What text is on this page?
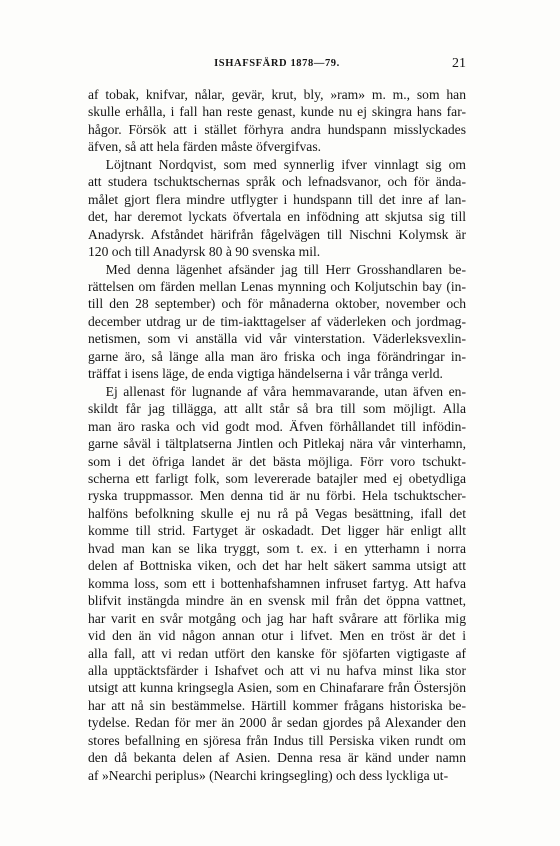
ISHAFSFÄRD 1878—79.	21
af tobak, knifvar, nålar, gevär, krut, bly, »ram» m. m., som han
skulle erhålla, i fall han reste genast, kunde nu ej skingra hans far-
hågor. Försök att i stället förhyra andra hundspann misslyckades
äfven, så att hela färden måste öfvergifvas.
Löjtnant Nordqvist, som med synnerlig ifver vinnlagt sig om
att studera tschuktschernas språk och lefnadsvanor, och för ända-
målet gjort flera mindre utflygter i hundspann till det inre af lan-
det, har deremot lyckats öfvertala en infödning att skjutsa sig till
Anadyrsk. Afståndet härifrån fågelvägen till Nischni Kolymsk är
120 och till Anadyrsk 80 à 90 svenska mil.
Med denna lägenhet afsänder jag till Herr Grosshandlaren be-
rättelsen om färden mellan Lenas mynning och Koljutschin bay (in-
till den 28 september) och för månaderna oktober, november och
december utdrag ur de tim-iakttagelser af väderleken och jordmag-
netismen, som vi anställa vid vår vinterstation. Väderleksvexlin-
garne äro, så länge alla man äro friska och inga förändringar in-
träffat i isens läge, de enda vigtiga händelserna i vår trånga verld.
Ej allenast för lugnande af våra hemmavarande, utan äfven en-
skildt får jag tillägga, att allt står så bra till som möjligt. Alla
man äro raska och vid godt mod. Äfven förhållandet till infödin-
garne såväl i tältplatserna Jintlen och Pitlekaj nära vår vinterhamn,
som i det öfriga landet är det bästa möjliga. Förr voro tschukt-
scherna ett farligt folk, som levererade batajler med ej obetydliga
ryska truppmassor. Men denna tid är nu förbi. Hela tschuktscher-
halföns befolkning skulle ej nu rå på Vegas besättning, ifall det
komme till strid. Fartyget är oskadadt. Det ligger här enligt allt
hvad man kan se lika tryggt, som t. ex. i en ytterhamn i norra
delen af Bottniska viken, och det har helt säkert samma utsigt att
komma loss, som ett i bottenhafshamnen infruset fartyg. Att hafva
blifvit instängda mindre än en svensk mil från det öppna vattnet,
har varit en svår motgång och jag har haft svårare att förlika mig
vid den än vid någon annan otur i lifvet. Men en tröst är det i
alla fall, att vi redan utfört den kanske för sjöfarten vigtigaste af
alla upptäcktsfärder i Ishafvet och att vi nu hafva minst lika stor
utsigt att kunna kringsegla Asien, som en Chinafarare från Östersjön
har att nå sin bestämmelse. Härtill kommer frågans historiska be-
tydelse. Redan för mer än 2000 år sedan gjordes på Alexander den
stores befallning en sjöresa från Indus till Persiska viken rundt om
den då bekanta delen af Asien. Denna resa är känd under namn
af »Nearchi periplus» (Nearchi kringsegling) och dess lyckliga ut-
